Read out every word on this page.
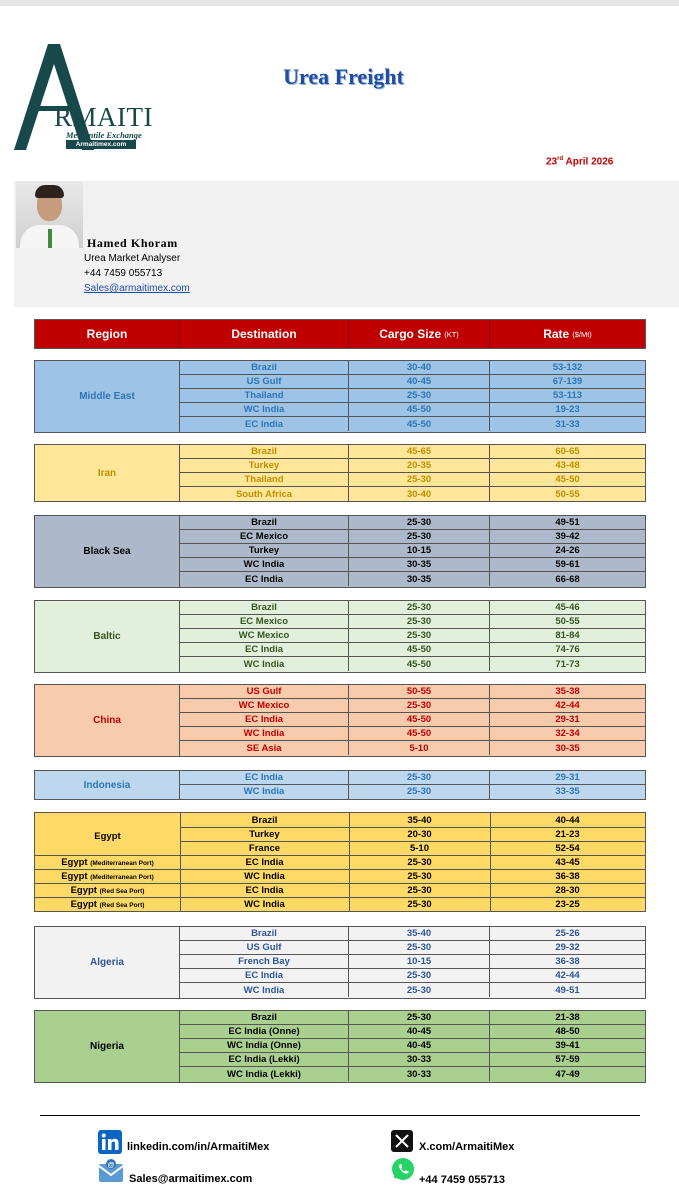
RMAITI
Mercantile Exchange
Armaitimex.com
Urea Freight
23rd April 2026
Hamed Khoram
Urea Market Analyser
+44 7459 055713
Sales@armaitimex.com
Region	Destination	Cargo Size (KT)	Rate ($/Mt)
Middle East
Brazil	30-40	53-132
US Gulf	40-45	67-139
Thailand	25-30	53-113
WC India	45-50	19-23
EC India	45-50	31-33
Iran
Brazil	45-65	60-65
Turkey	20-35	43-48
Thailand	25-30	45-50
South Africa	30-40	50-55
Black Sea
Brazil	25-30	49-51
EC Mexico	25-30	39-42
Turkey	10-15	24-26
WC India	30-35	59-61
EC India	30-35	66-68
Baltic
Brazil	25-30	45-46
EC Mexico	25-30	50-55
WC Mexico	25-30	81-84
EC India	45-50	74-76
WC India	45-50	71-73
China
US Gulf	50-55	35-38
WC Mexico	25-30	42-44
EC India	45-50	29-31
WC India	45-50	32-34
SE Asia	5-10	30-35
Indonesia
EC India	25-30	29-31
WC India	25-30	33-35
Egypt
Brazil	35-40	40-44
Turkey	20-30	21-23
France	5-10	52-54
Egypt (Mediterranean Port)	EC India	25-30	43-45
Egypt (Mediterranean Port)	WC India	25-30	36-38
Egypt (Red Sea Port)	EC India	25-30	28-30
Egypt (Red Sea Port)	WC India	25-30	23-25
Algeria
Brazil	35-40	25-26
US Gulf	25-30	29-32
French Bay	10-15	36-38
EC India	25-30	42-44
WC India	25-30	49-51
Nigeria
Brazil	25-30	21-38
EC India (Onne)	40-45	48-50
WC India (Onne)	40-45	39-41
EC India (Lekki)	30-33	57-59
WC India (Lekki)	30-33	47-49
linkedin.com/in/ArmaitiMex	X.com/ArmaitiMex
@
Sales@armaitimex.com	+44 7459 055713
